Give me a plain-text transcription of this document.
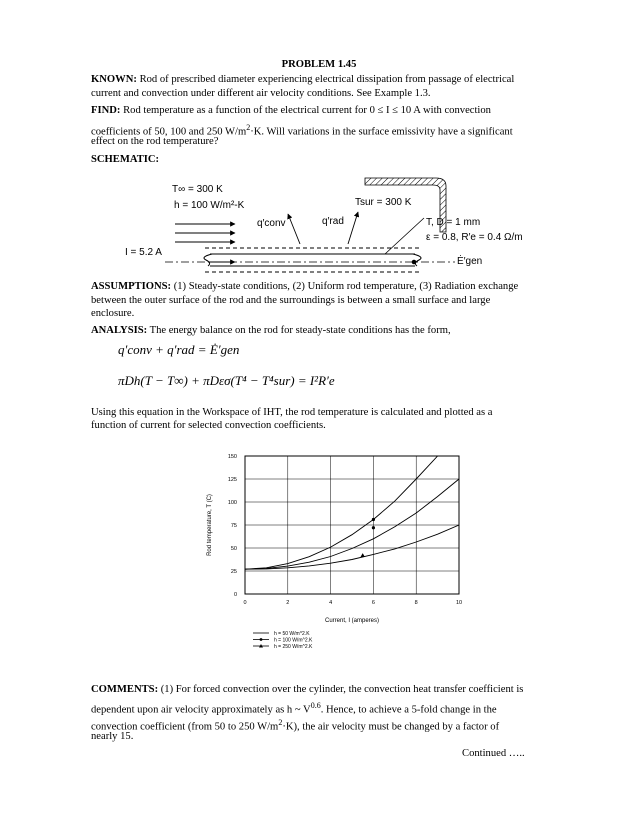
PROBLEM 1.45
KNOWN: Rod of prescribed diameter experiencing electrical dissipation from passage of electrical
current and convection under different air velocity conditions. See Example 1.3.
FIND: Rod temperature as a function of the electrical current for 0 ≤ I ≤ 10 A with convection
coefficients of 50, 100 and 250 $W/m^2\cdot K$. Will variations in the surface emissivity have a significant
effect on the rod temperature?
SCHEMATIC:
T∞ = 300 K
h = 100 W/m²-K
q′conv	q′rad
Tsur = 300 K
T, D = 1 mm
ε = 0.8, R′e = 0.4 Ω/m
I = 5.2 A
Ė′gen
ASSUMPTIONS: (1) Steady-state conditions, (2) Uniform rod temperature, (3) Radiation exchange
between the outer surface of the rod and the surroundings is between a small surface and large
enclosure.
ANALYSIS: The energy balance on the rod for steady-state conditions has the form,
q′conv + q′rad = Ė′gen
πDh(T − T∞) + πDεσ(T⁴ − T⁴sur) = I²R′e
Using this equation in the Workspace of IHT, the rod temperature is calculated and plotted as a
function of current for selected convection coefficients.
0	2	4	6	8	10
0
25
50
75
100
125
150
Current, I (amperes)
Rod temperature, T (C)
h = 50 W/m^2.K
h = 100 W/m^2.K
h = 250 W/m^2.K
COMMENTS: (1) For forced convection over the cylinder, the convection heat transfer coefficient is
dependent upon air velocity approximately as h ~ $V^{0.6}$. Hence, to achieve a 5-fold change in the
convection coefficient (from 50 to 250 $W/m^2\cdot K$), the air velocity must be changed by a factor of
nearly 15.
Continued …..
